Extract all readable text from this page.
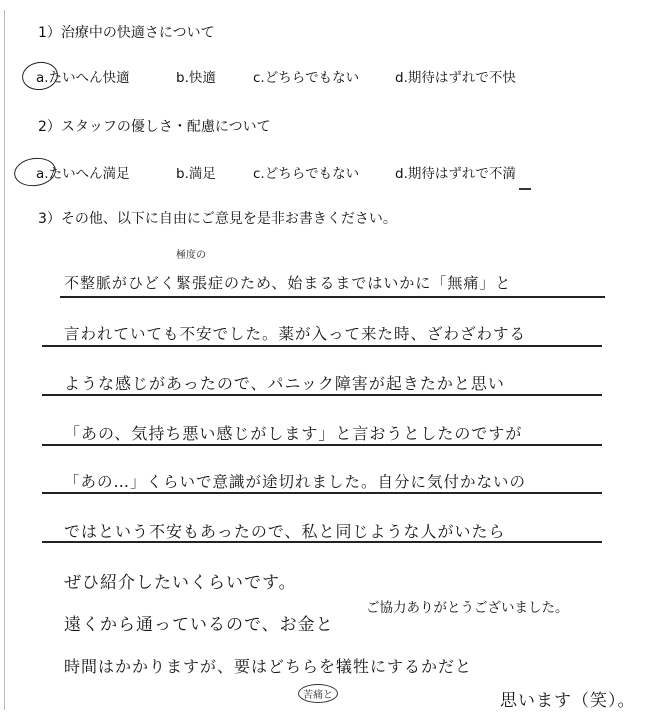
1）治療中の快適さについて
a.たいへん快適	b.快適	c.どちらでもない	d.期待はずれで不快
2）スタッフの優しさ・配慮について
a.たいへん満足	b.満足	c.どちらでもない	d.期待はずれで不満
3）その他、以下に自由にご意見を是非お書きください。
極度の
不整脈がひどく緊張症のため、始まるまではいかに「無痛」と
言われていても不安でした。薬が入って来た時、ざわざわする
ような感じがあったので、パニック障害が起きたかと思い
「あの、気持ち悪い感じがします」と言おうとしたのですが
「あの…」くらいで意識が途切れました。自分に気付かないの
ではという不安もあったので、私と同じような人がいたら
ぜひ紹介したいくらいです。
ご協力ありがとうございました。
遠くから通っているので、お金と
時間はかかりますが、要はどちらを犠牲にするかだと
苦痛と	思います（笑）。
